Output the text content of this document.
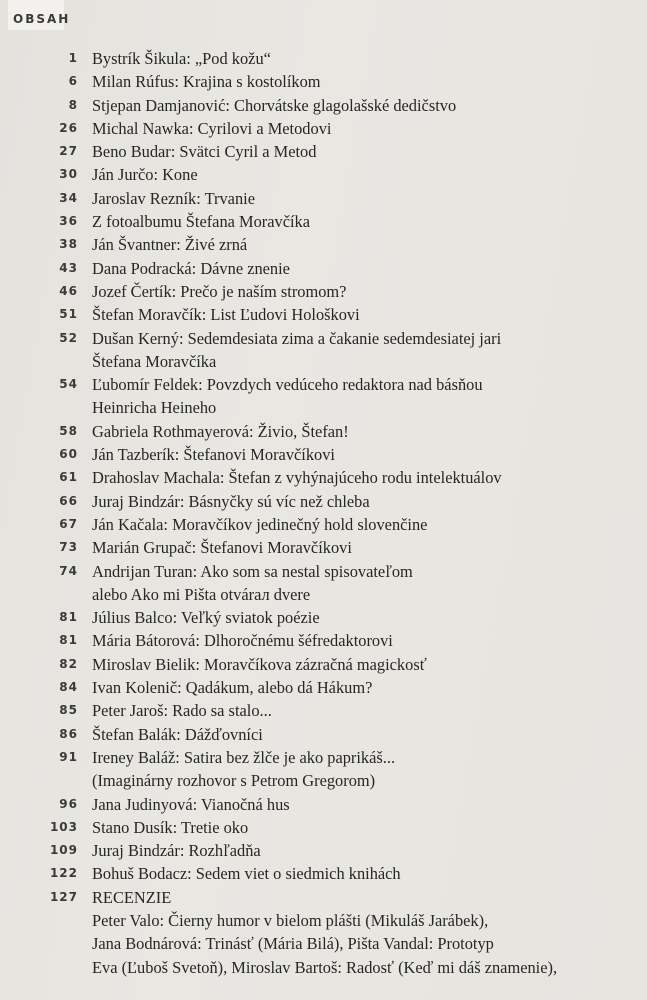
OBSAH
1 Bystrík Šikula: „Pod kožu“
6 Milan Rúfus: Krajina s kostolíkom
8 Stjepan Damjanović: Chorvátske glagolašské dedičstvo
26 Michal Nawka: Cyrilovi a Metodovi
27 Beno Budar: Svätci Cyril a Metod
30 Ján Jurčo: Kone
34 Jaroslav Rezník: Trvanie
36 Z fotoalbumu Štefana Moravčíka
38 Ján Švantner: Živé zrná
43 Dana Podracká: Dávne znenie
46 Jozef Čertík: Prečo je naším stromom?
51 Štefan Moravčík: List Ľudovi Hološkovi
52 Dušan Kerný: Sedemdesiata zima a čakanie sedemdesiatej jari
Štefana Moravčíka
54 Ľubomír Feldek: Povzdych vedúceho redaktora nad básňou
Heinricha Heineho
58 Gabriela Rothmayerová: Živio, Štefan!
60 Ján Tazberík: Štefanovi Moravčíkovi
61 Drahoslav Machala: Štefan z vyhýnajúceho rodu intelektuálov
66 Juraj Bindzár: Básnyčky sú víc než chleba
67 Ján Kačala: Moravčíkov jedinečný hold slovenčine
73 Marián Grupač: Štefanovi Moravčíkovi
74 Andrijan Turan: Ako som sa nestal spisovateľom
alebo Ako mi Pišta otvárал dvere
81 Július Balco: Veľký sviatok poézie
81 Mária Bátorová: Dlhoročnému šéfredaktorovi
82 Miroslav Bielik: Moravčíkova zázračná magickosť
84 Ivan Kolenič: Qadákum, alebo dá Hákum?
85 Peter Jaroš: Rado sa stalo...
86 Štefan Balák: Dážďovníci
91 Ireney Baláž: Satira bez žlče je ako paprikáš...
(Imaginárny rozhovor s Petrom Gregorom)
96 Jana Judinyová: Vianočná hus
103 Stano Dusík: Tretie oko
109 Juraj Bindzár: Rozhľadňa
122 Bohuš Bodacz: Sedem viet o siedmich knihách
127 RECENZIE
Peter Valo: Čierny humor v bielom plášti (Mikuláš Jarábek),
Jana Bodnárová: Trinásť (Mária Bilá), Pišta Vandal: Prototyp
Eva (Ľuboš Svetoň), Miroslav Bartoš: Radosť (Keď mi dáš znamenie),
